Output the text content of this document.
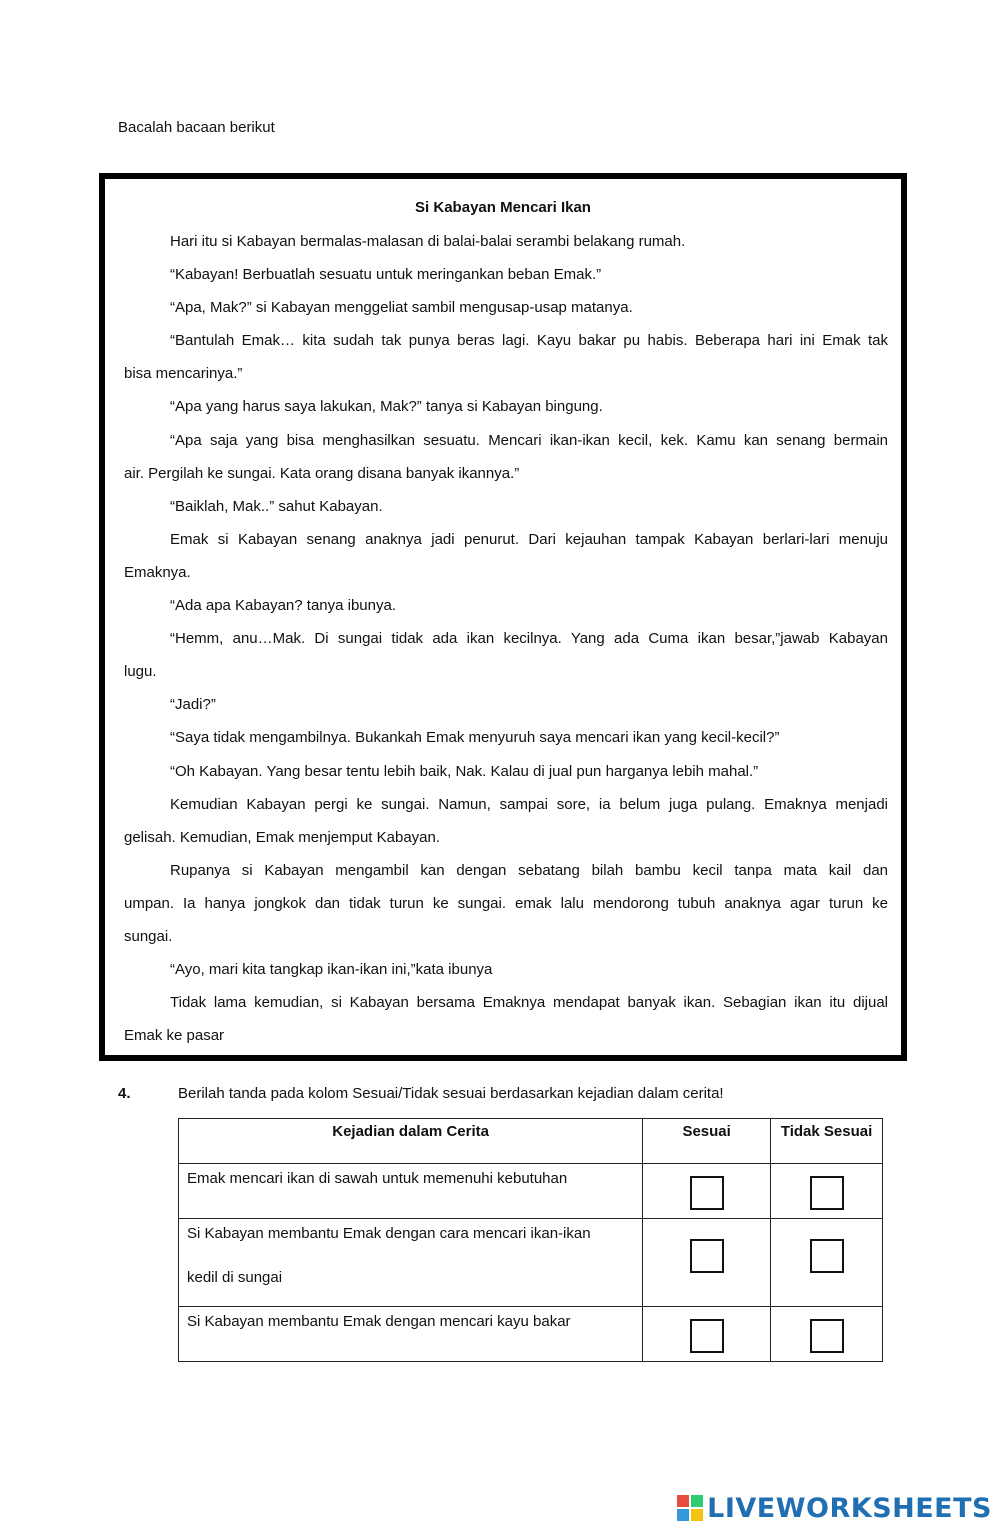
Bacalah bacaan berikut
Si Kabayan Mencari Ikan
Hari itu si Kabayan bermalas-malasan di balai-balai serambi belakang rumah.
“Kabayan! Berbuatlah sesuatu untuk meringankan beban Emak.”
“Apa, Mak?” si Kabayan menggeliat sambil mengusap-usap matanya.
“Bantulah Emak… kita sudah tak punya beras lagi. Kayu bakar pu habis. Beberapa hari ini Emak tak
bisa mencarinya.”
“Apa yang harus saya lakukan, Mak?” tanya si Kabayan bingung.
“Apa saja yang bisa menghasilkan sesuatu. Mencari ikan-ikan kecil, kek. Kamu kan senang bermain
air. Pergilah ke sungai. Kata orang disana banyak ikannya.”
“Baiklah, Mak..” sahut Kabayan.
Emak si Kabayan senang anaknya jadi penurut. Dari kejauhan tampak Kabayan berlari-lari menuju
Emaknya.
“Ada apa Kabayan? tanya ibunya.
“Hemm, anu…Mak. Di sungai tidak ada ikan kecilnya. Yang ada Cuma ikan besar,”jawab Kabayan
lugu.
“Jadi?”
“Saya tidak mengambilnya. Bukankah Emak menyuruh saya mencari ikan yang kecil-kecil?”
“Oh Kabayan. Yang besar tentu lebih baik, Nak. Kalau di jual pun harganya lebih mahal.”
Kemudian Kabayan pergi ke sungai. Namun, sampai sore, ia belum juga pulang. Emaknya menjadi
gelisah. Kemudian, Emak menjemput Kabayan.
Rupanya si Kabayan mengambil kan dengan sebatang bilah bambu kecil tanpa mata kail dan
umpan. Ia hanya jongkok dan tidak turun ke sungai. emak lalu mendorong tubuh anaknya agar turun ke
sungai.
“Ayo, mari kita tangkap ikan-ikan ini,”kata ibunya
Tidak lama kemudian, si Kabayan bersama Emaknya mendapat banyak ikan. Sebagian ikan itu dijual
Emak ke pasar
4.	Berilah tanda pada kolom Sesuai/Tidak sesuai berdasarkan kejadian dalam cerita!
Kejadian dalam Cerita	Sesuai	Tidak Sesuai

Emak mencari ikan di sawah untuk memenuhi kebutuhan		

Si Kabayan membantu Emak dengan cara mencari ikan-ikan
kedil di sungai		

Si Kabayan membantu Emak dengan mencari kayu bakar		

LIVEWORKSHEETS
